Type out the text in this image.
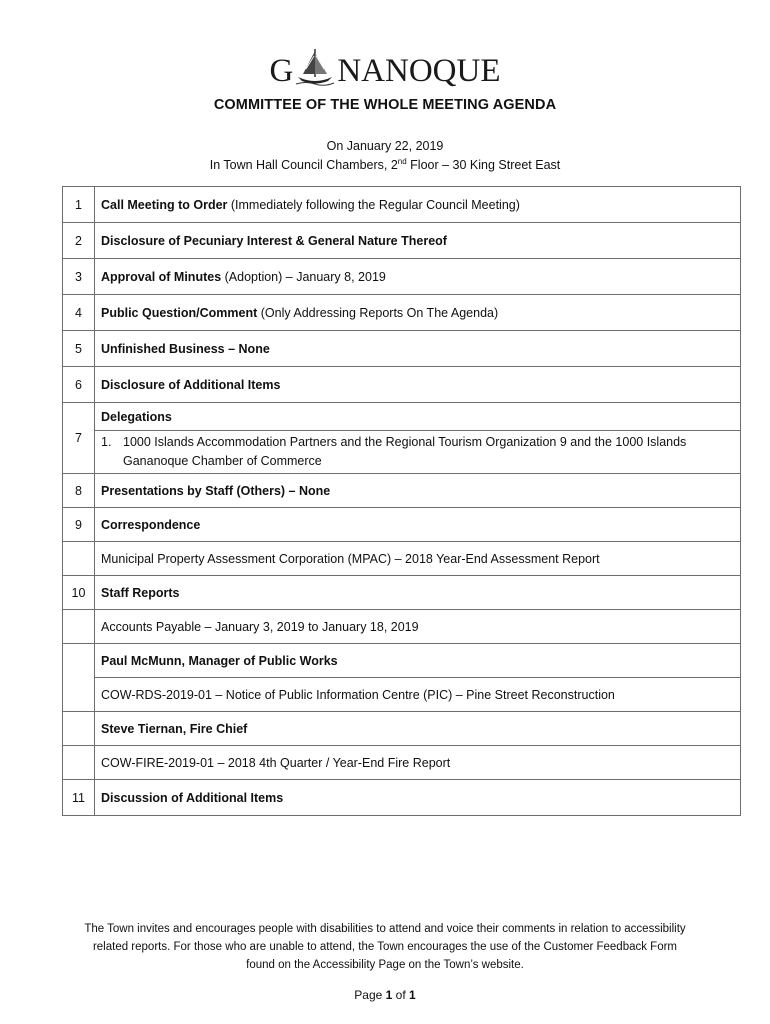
G NANOQUE
COMMITTEE OF THE WHOLE MEETING AGENDA
On January 22, 2019
In Town Hall Council Chambers, 2nd Floor – 30 King Street East
1	Call Meeting to Order (Immediately following the Regular Council Meeting)
2	Disclosure of Pecuniary Interest & General Nature Thereof
3	Approval of Minutes (Adoption) – January 8, 2019
4	Public Question/Comment (Only Addressing Reports On The Agenda)
5	Unfinished Business – None
6	Disclosure of Additional Items
7	Delegations

	1. 1000 Islands Accommodation Partners and the Regional Tourism Organization 9 and the 1000 Islands Gananoque Chamber of Commerce

8	Presentations by Staff (Others) – None
9	Correspondence
	Municipal Property Assessment Corporation (MPAC) – 2018 Year-End Assessment Report
10	Staff Reports
	Accounts Payable – January 3, 2019 to January 18, 2019
	Paul McMunn, Manager of Public Works
	COW-RDS-2019-01 – Notice of Public Information Centre (PIC) – Pine Street Reconstruction
	Steve Tiernan, Fire Chief
	COW-FIRE-2019-01 – 2018 4th Quarter / Year-End Fire Report
11	Discussion of Additional Items
The Town invites and encourages people with disabilities to attend and voice their comments in relation to accessibility related reports. For those who are unable to attend, the Town encourages the use of the Customer Feedback Form found on the Accessibility Page on the Town’s website.
Page 1 of 1
